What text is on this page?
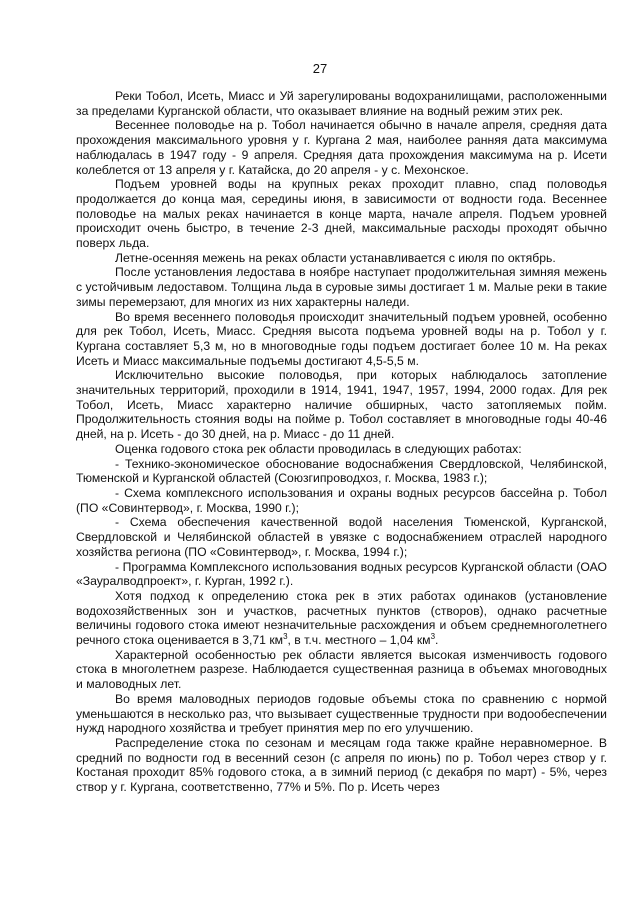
27

Реки Тобол, Исеть, Миасс и Уй зарегулированы водохранилищами, расположенными за пределами Курганской области, что оказывает влияние на водный режим этих рек.

Весеннее половодье на р. Тобол начинается обычно в начале апреля, средняя дата прохождения максимального уровня у г. Кургана 2 мая, наиболее ранняя дата максимума наблюдалась в 1947 году - 9 апреля. Средняя дата прохождения максимума на р. Исети колеблется от 13 апреля у г. Катайска, до 20 апреля - у с. Мехонское.

Подъем уровней воды на крупных реках проходит плавно, спад половодья продолжается до конца мая, середины июня, в зависимости от водности года. Весеннее половодье на малых реках начинается в конце марта, начале апреля. Подъем уровней происходит очень быстро, в течение 2-3 дней, максимальные расходы проходят обычно поверх льда.

Летне-осенняя межень на реках области устанавливается с июля по октябрь.

После установления ледостава в ноябре наступает продолжительная зимняя межень с устойчивым ледоставом. Толщина льда в суровые зимы достигает 1 м. Малые реки в такие зимы перемерзают, для многих из них характерны наледи.

Во время весеннего половодья происходит значительный подъем уровней, особенно для рек Тобол, Исеть, Миасс. Средняя высота подъема уровней воды на р. Тобол у г. Кургана составляет 5,3 м, но в многоводные годы подъем достигает более 10 м. На реках Исеть и Миасс максимальные подъемы достигают 4,5-5,5 м.

Исключительно высокие половодья, при которых наблюдалось затопление значительных территорий, проходили в 1914, 1941, 1947, 1957, 1994, 2000 годах. Для рек Тобол, Исеть, Миасс характерно наличие обширных, часто затопляемых пойм. Продолжительность стояния воды на пойме р. Тобол составляет в многоводные годы 40-46 дней, на р. Исеть - до 30 дней, на р. Миасс - до 11 дней.

Оценка годового стока рек области проводилась в следующих работах:

- Технико-экономическое обоснование водоснабжения Свердловской, Челябинской, Тюменской и Курганской областей (Союзгипроводхоз, г. Москва, 1983 г.);

- Схема комплексного использования и охраны водных ресурсов бассейна р. Тобол (ПО «Совинтервод», г. Москва, 1990 г.);

- Схема обеспечения качественной водой населения Тюменской, Курганской, Свердловской и Челябинской областей в увязке с водоснабжением отраслей народного хозяйства региона (ПО «Совинтервод», г. Москва, 1994 г.);

- Программа Комплексного использования водных ресурсов Курганской области (ОАО «Зауралводпроект», г. Курган, 1992 г.).

Хотя подход к определению стока рек в этих работах одинаков (установление водохозяйственных зон и участков, расчетных пунктов (створов), однако расчетные величины годового стока имеют незначительные расхождения и объем среднемноголетнего речного стока оценивается в 3,71 $км^3$, в т.ч. местного – 1,04 $км^3$.

Характерной особенностью рек области является высокая изменчивость годового стока в многолетнем разрезе. Наблюдается существенная разница в объемах многоводных и маловодных лет.

Во время маловодных периодов годовые объемы стока по сравнению с нормой уменьшаются в несколько раз, что вызывает существенные трудности при водообеспечении нужд народного хозяйства и требует принятия мер по его улучшению.

Распределение стока по сезонам и месяцам года также крайне неравномерное. В средний по водности год в весенний сезон (с апреля по июнь) по р. Тобол через створ у г. Костаная проходит 85% годового стока, а в зимний период (с декабря по март) - 5%, через створ у г. Кургана, соответственно, 77% и 5%. По р. Исеть через
